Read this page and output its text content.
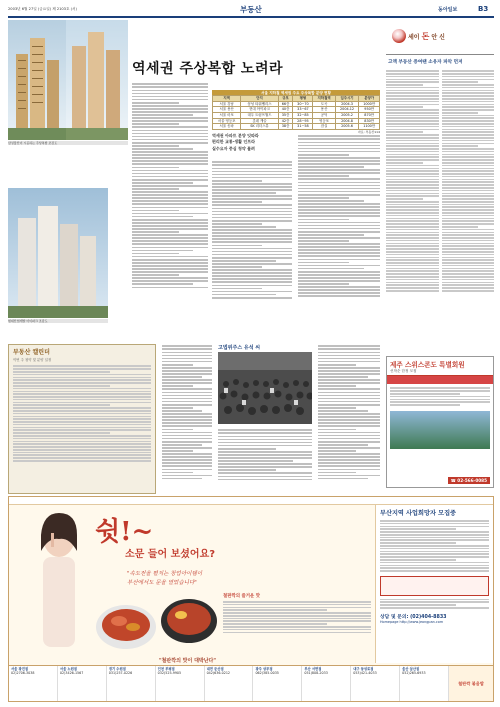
2003년 6월 27일 (금요일) 제 2103호 (서)	부동산	동아일보	B3
삼성물산이 시공하는 주상복합 조감도
현대산업개발 아이파크 조감도
역세권 주상복합 노려라
서울 지하철 역세권 주요 주상복합 분양 현황
지역	단지	규모	평형	지하철역	입주시기	분양가
서울 강남	삼성 타워팰리스	66층	30~70	도곡	2004.3	1000만
서울 용산	현대 아이파크	40층	33~67	용산	2004.12	950만
서울 마포	대우 트럼프월드	35층	32~85	공덕	2005.2	870만
서울 영등포	롯데 캐슬	42층	28~95	영등포	2004.8	830만
서울 송파	SK 리더스뷰	38층	31~58	잠실	2005.6	1100만
자료: 부동산114
역세권 아파트 분양 잇따라
편리한 교통·생활 인프라
실수요자 중심 청약 몰려
세이 돈 안 신
고액 부동산 증여땐 소유자 파악 먼저
부동산 캘린더
이번 주 청약 및 분양 일정
고법위주스 유석 씨
제주 스위스콘도 특별회원
선착순 한정 모집
☎ 02-566-0085
쉿!~
소문 들어 보셨어요?
"속도전을 펼치는 창업아이템이
부산에서도 문을 열었습니다"
철판깍의 즐거운 맛
"철판깍의 맛이 대박난다"
부산지역 사업희망자 모집중
상담 및 문의: (02)404-8833
Homepage http://www.jeongpan.com
서울 광진점
02)2706-3038
서울 노원점
02)3426-1567
경기 수원점
031)257-0226
인천 부평점
032)525-9905
대전 둔산점
042)636-0212
광주 상무점
062)385-0035
부산 서면점
051)808-2033
대구 동성로점
053)421-4033
울산 삼산점
052)265-6933
철판깍 볶음밥
